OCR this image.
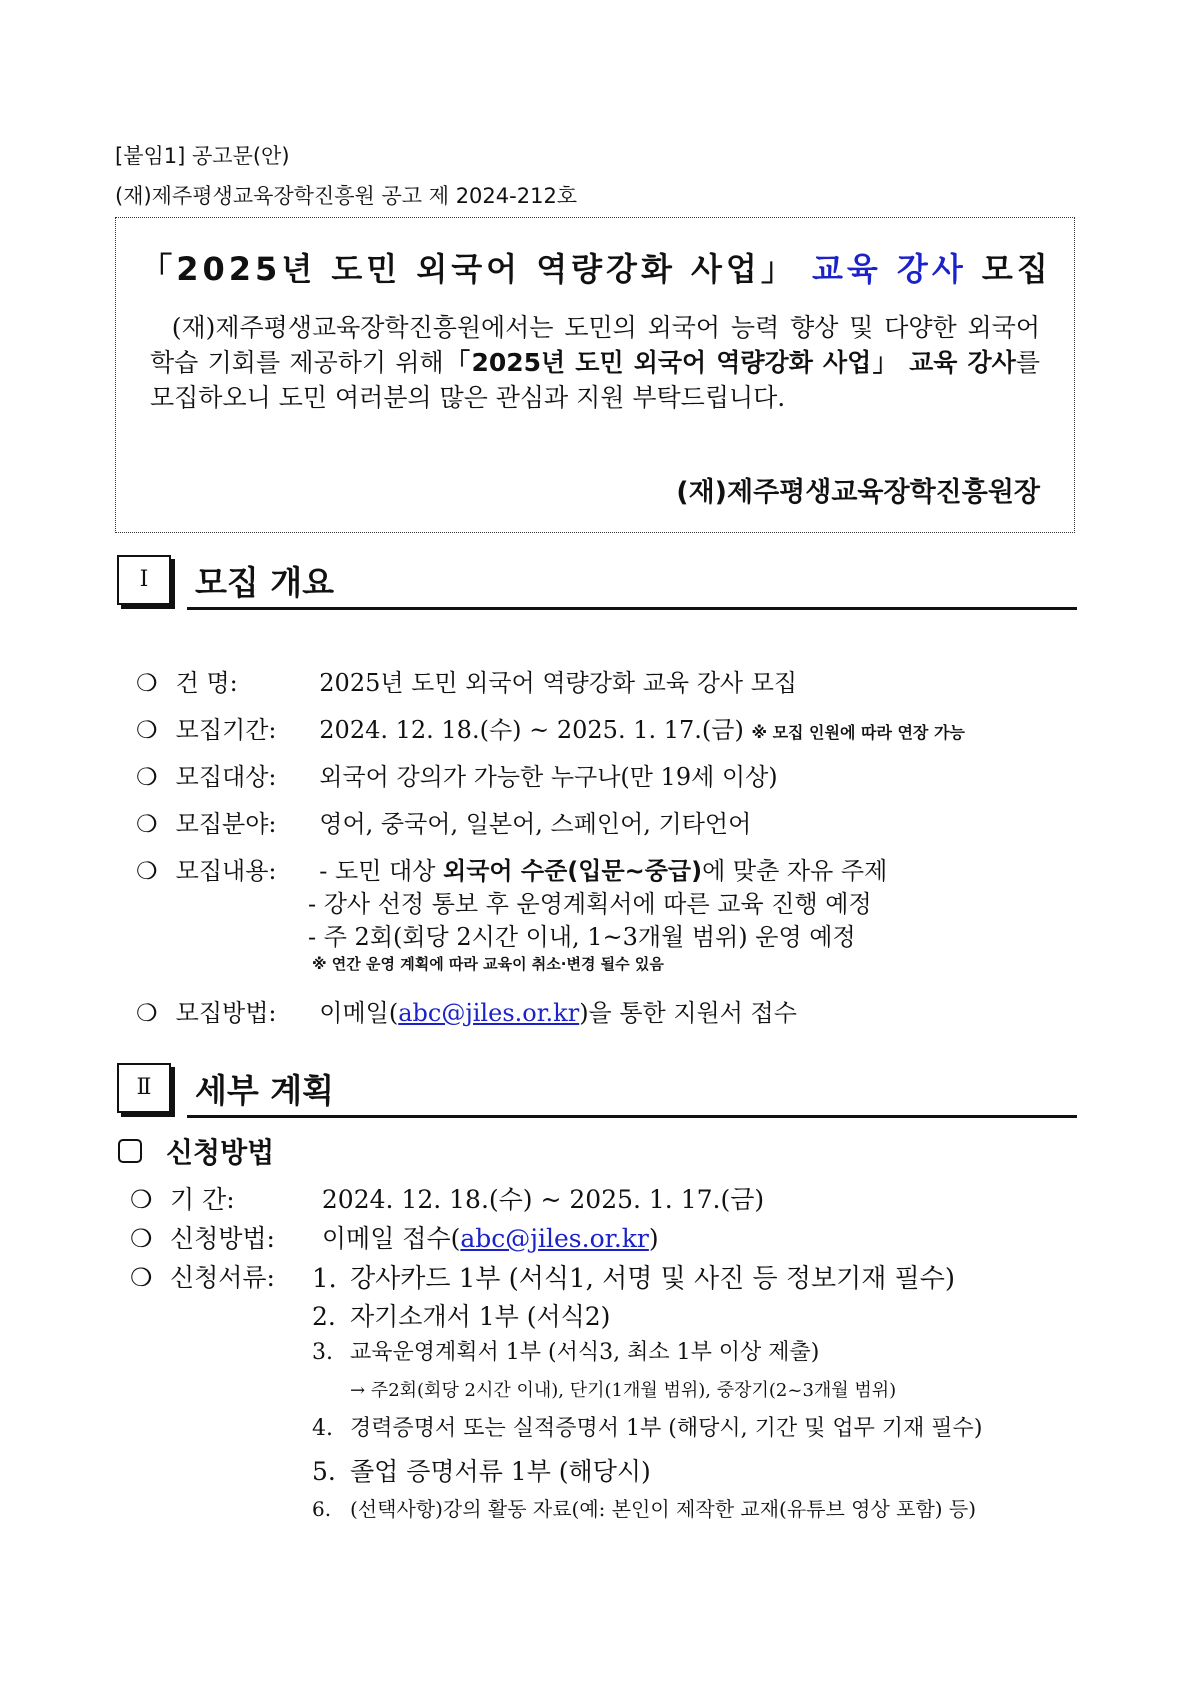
[붙임1] 공고문(안)
(재)제주평생교육장학진흥원 공고 제 2024-212호
「2025년 도민 외국어 역량강화 사업」 교육 강사 모집
(재)제주평생교육장학진흥원에서는 도민의 외국어 능력 향상 및 다양한 외국어 학습 기회를 제공하기 위해「2025년 도민 외국어 역량강화 사업」 교육 강사를 모집하오니 도민 여러분의 많은 관심과 지원 부탁드립니다.
(재)제주평생교육장학진흥원장
Ⅰ	모집 개요
❍ 건 명:	2025년 도민 외국어 역량강화 교육 강사 모집
❍ 모집기간: 2024. 12. 18.(수) ~ 2025. 1. 17.(금) ※ 모집 인원에 따라 연장 가능
❍ 모집대상: 외국어 강의가 가능한 누구나(만 19세 이상)
❍ 모집분야: 영어, 중국어, 일본어, 스페인어, 기타언어
❍ 모집내용: - 도민 대상 외국어 수준(입문~중급)에 맞춘 자유 주제
- 강사 선정 통보 후 운영계획서에 따른 교육 진행 예정
- 주 2회(회당 2시간 이내, 1~3개월 범위) 운영 예정
※ 연간 운영 계획에 따라 교육이 취소·변경 될수 있음
❍ 모집방법: 이메일(abc@jiles.or.kr)을 통한 지원서 접수
Ⅱ	세부 계획
신청방법
❍ 기 간:	2024. 12. 18.(수) ~ 2025. 1. 17.(금)
❍ 신청방법: 이메일 접수(abc@jiles.or.kr)
❍ 신청서류:	1. 강사카드 1부 (서식1, 서명 및 사진 등 정보기재 필수)
2. 자기소개서 1부 (서식2)
3. 교육운영계획서 1부 (서식3, 최소 1부 이상 제출)
→ 주2회(회당 2시간 이내), 단기(1개월 범위), 중장기(2~3개월 범위)
4. 경력증명서 또는 실적증명서 1부 (해당시, 기간 및 업무 기재 필수)
5. 졸업 증명서류 1부 (해당시)
6. (선택사항)강의 활동 자료(예: 본인이 제작한 교재(유튜브 영상 포함) 등)
